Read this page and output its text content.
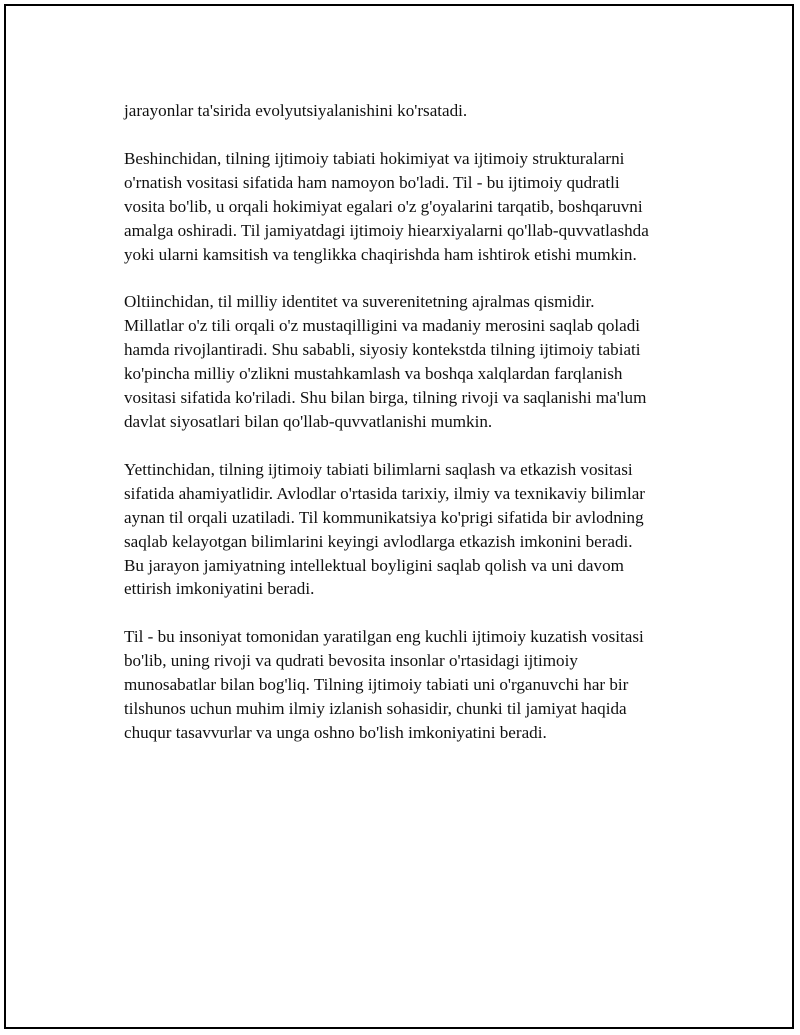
jarayonlar ta'sirida evolyutsiyalanishini ko'rsatadi.

Beshinchidan, tilning ijtimoiy tabiati hokimiyat va ijtimoiy strukturalarni
o'rnatish vositasi sifatida ham namoyon bo'ladi. Til - bu ijtimoiy qudratli
vosita bo'lib, u orqali hokimiyat egalari o'z g'oyalarini tarqatib, boshqaruvni
amalga oshiradi. Til jamiyatdagi ijtimoiy hiearxiyalarni qo'llab-quvvatlashda
yoki ularni kamsitish va tenglikka chaqirishda ham ishtirok etishi mumkin.

Oltiinchidan, til milliy identitet va suverenitetning ajralmas qismidir.
Millatlar o'z tili orqali o'z mustaqilligini va madaniy merosini saqlab qoladi
hamda rivojlantiradi. Shu sababli, siyosiy kontekstda tilning ijtimoiy tabiati
ko'pincha milliy o'zlikni mustahkamlash va boshqa xalqlardan farqlanish
vositasi sifatida ko'riladi. Shu bilan birga, tilning rivoji va saqlanishi ma'lum
davlat siyosatlari bilan qo'llab-quvvatlanishi mumkin.

Yettinchidan, tilning ijtimoiy tabiati bilimlarni saqlash va etkazish vositasi
sifatida ahamiyatlidir. Avlodlar o'rtasida tarixiy, ilmiy va texnikaviy bilimlar
aynan til orqali uzatiladi. Til kommunikatsiya ko'prigi sifatida bir avlodning
saqlab kelayotgan bilimlarini keyingi avlodlarga etkazish imkonini beradi.
Bu jarayon jamiyatning intellektual boyligini saqlab qolish va uni davom
ettirish imkoniyatini beradi.

Til - bu insoniyat tomonidan yaratilgan eng kuchli ijtimoiy kuzatish vositasi
bo'lib, uning rivoji va qudrati bevosita insonlar o'rtasidagi ijtimoiy
munosabatlar bilan bog'liq. Tilning ijtimoiy tabiati uni o'rganuvchi har bir
tilshunos uchun muhim ilmiy izlanish sohasidir, chunki til jamiyat haqida
chuqur tasavvurlar va unga oshno bo'lish imkoniyatini beradi.
